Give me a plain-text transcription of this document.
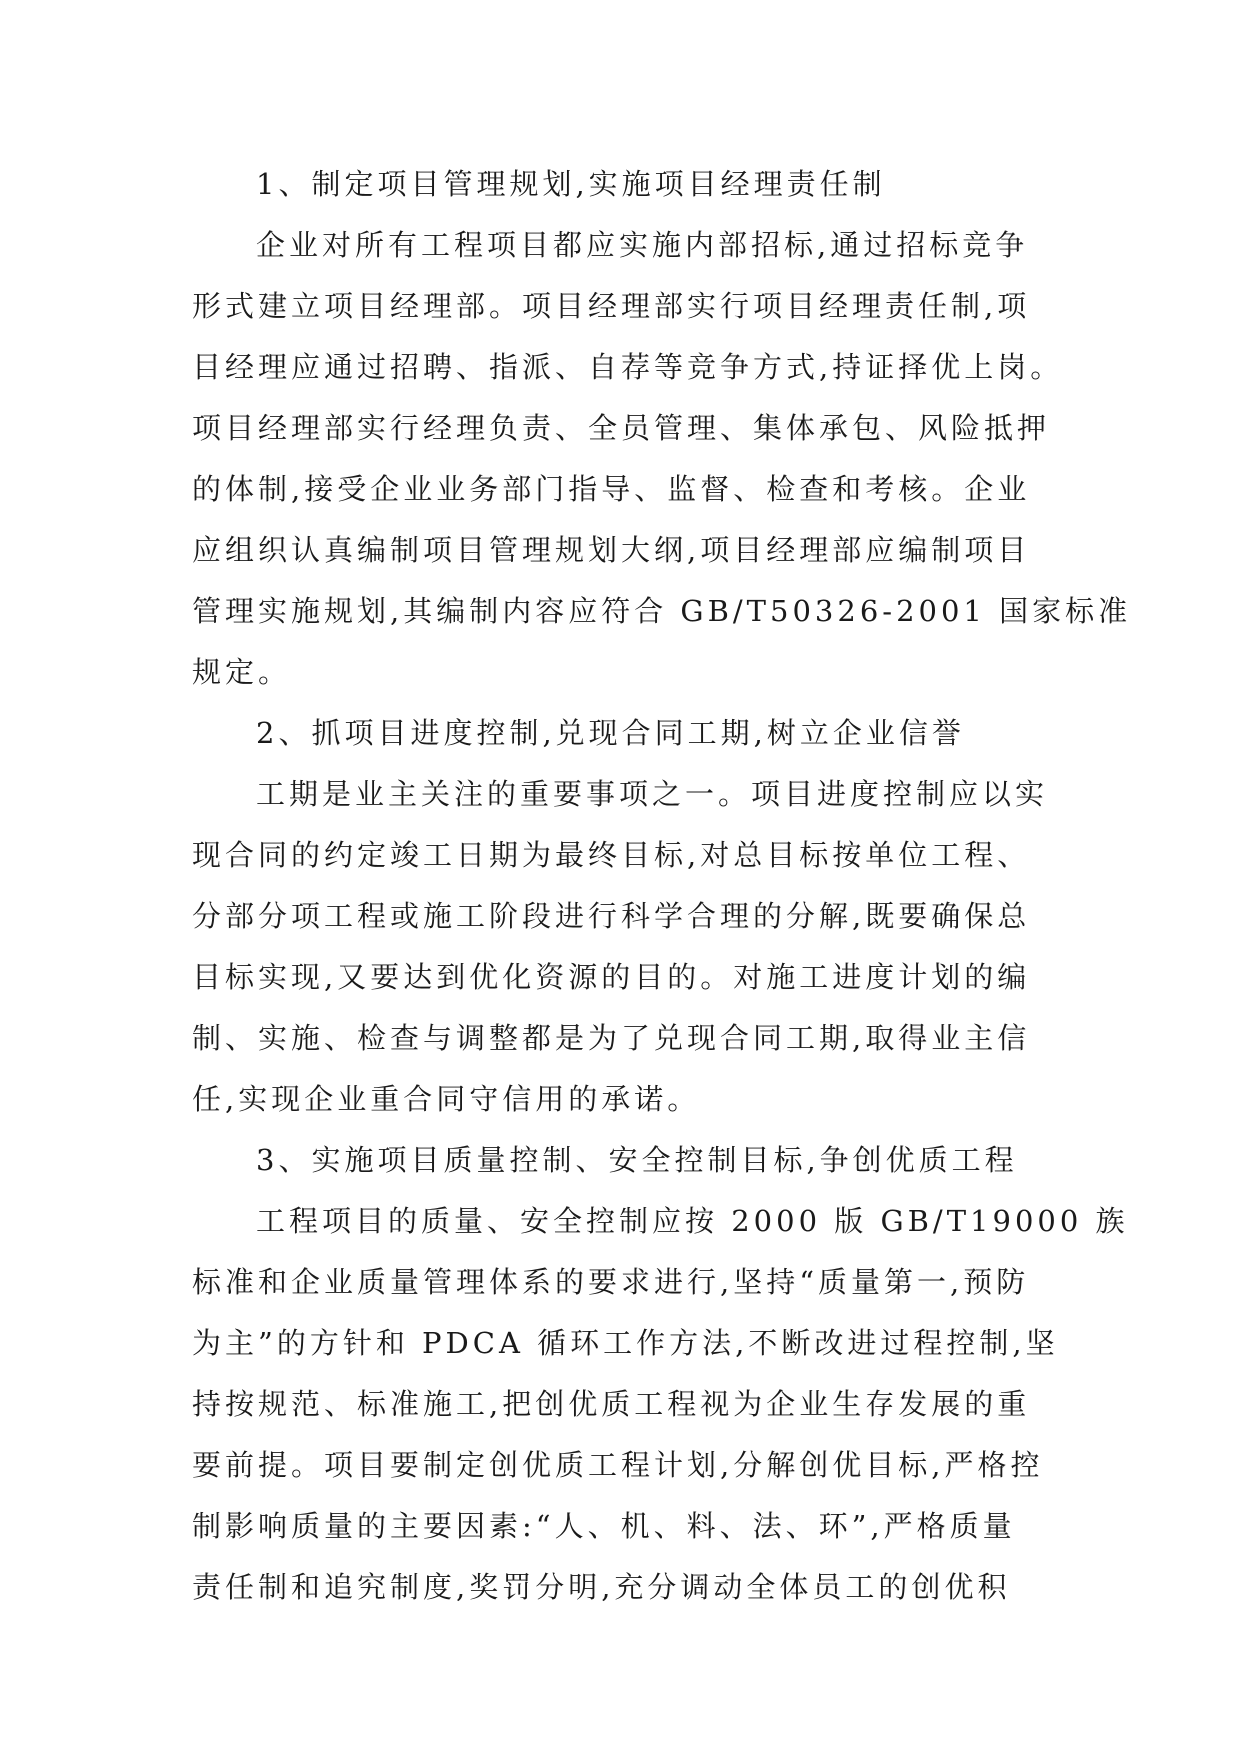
1、制定项目管理规划,实施项目经理责任制
企业对所有工程项目都应实施内部招标,通过招标竞争
形式建立项目经理部。项目经理部实行项目经理责任制,项
目经理应通过招聘、指派、自荐等竞争方式,持证择优上岗。
项目经理部实行经理负责、全员管理、集体承包、风险抵押
的体制,接受企业业务部门指导、监督、检查和考核。企业
应组织认真编制项目管理规划大纲,项目经理部应编制项目
管理实施规划,其编制内容应符合 GB/T50326-2001 国家标准
规定。
2、抓项目进度控制,兑现合同工期,树立企业信誉
工期是业主关注的重要事项之一。项目进度控制应以实
现合同的约定竣工日期为最终目标,对总目标按单位工程、
分部分项工程或施工阶段进行科学合理的分解,既要确保总
目标实现,又要达到优化资源的目的。对施工进度计划的编
制、实施、检查与调整都是为了兑现合同工期,取得业主信
任,实现企业重合同守信用的承诺。
3、实施项目质量控制、安全控制目标,争创优质工程
工程项目的质量、安全控制应按 2000 版 GB/T19000 族
标准和企业质量管理体系的要求进行,坚持“质量第一,预防
为主”的方针和 PDCA 循环工作方法,不断改进过程控制,坚
持按规范、标准施工,把创优质工程视为企业生存发展的重
要前提。项目要制定创优质工程计划,分解创优目标,严格控
制影响质量的主要因素:“人、机、料、法、环”,严格质量
责任制和追究制度,奖罚分明,充分调动全体员工的创优积
